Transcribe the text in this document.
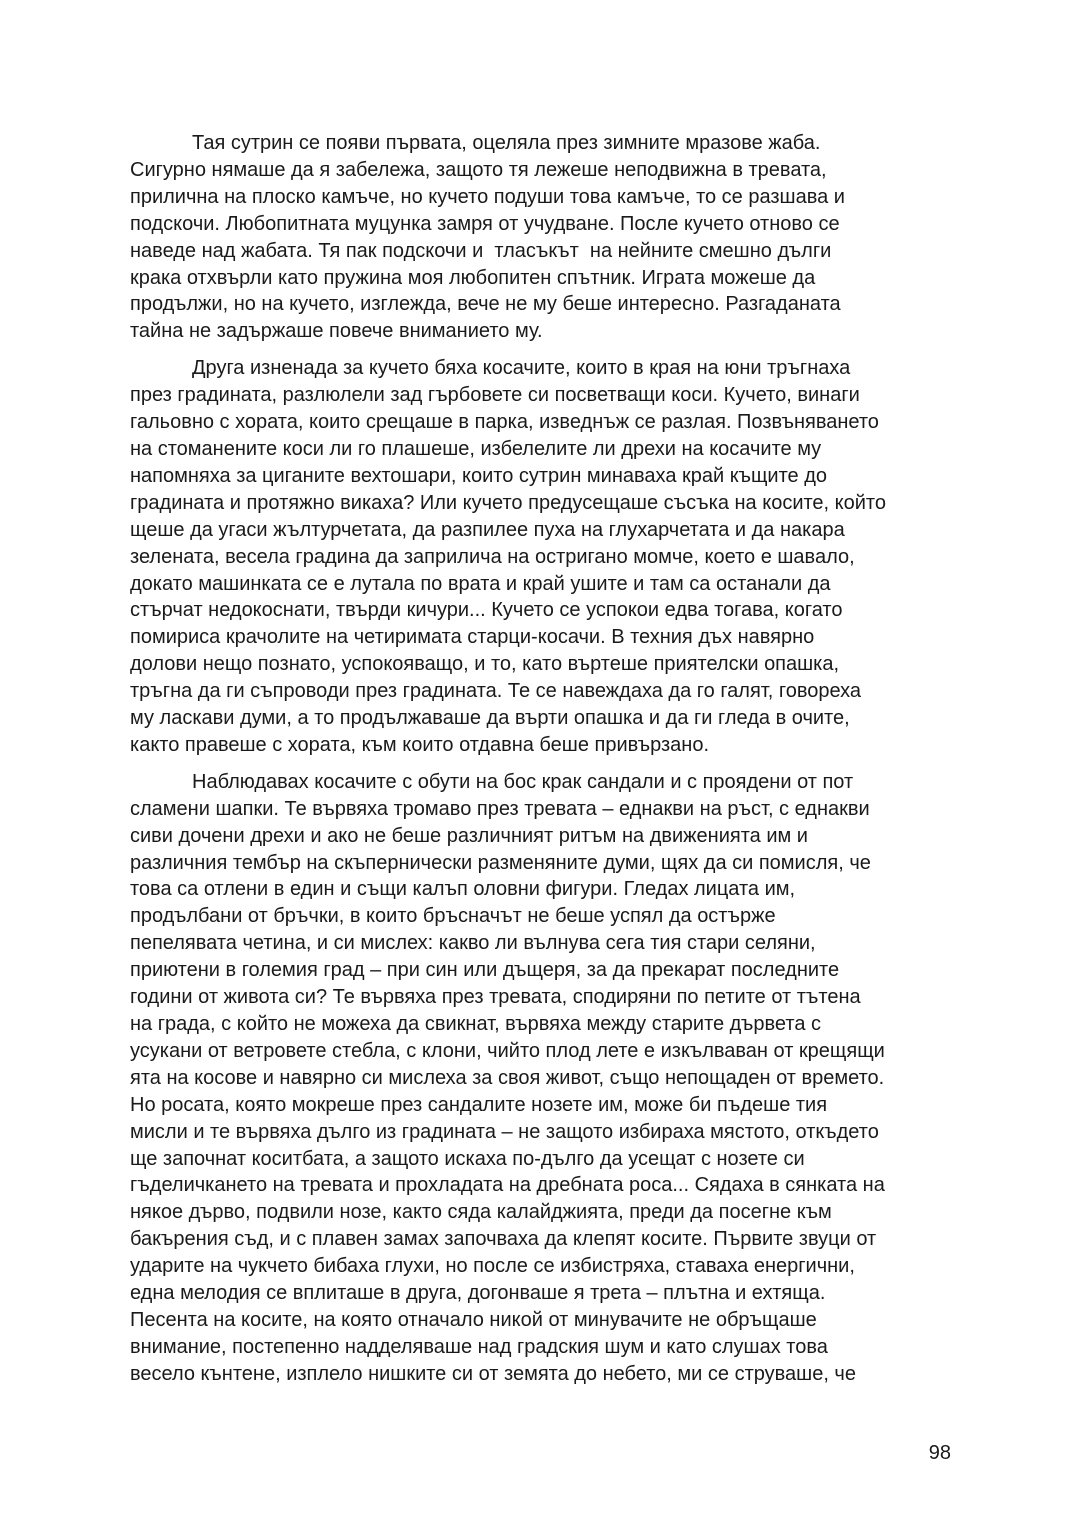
Тая сутрин се появи първата, оцеляла през зимните мразове жаба.
Сигурно нямаше да я забележа, защото тя лежеше неподвижна в тревата,
прилична на плоско камъче, но кучето подуши това камъче, то се разшава и
подскочи. Любопитната муцунка замря от учудване. После кучето отново се
наведе над жабата. Тя пак подскочи и  тласъкът  на нейните смешно дълги
крака отхвърли като пружина моя любопитен спътник. Играта можеше да
продължи, но на кучето, изглежда, вече не му беше интересно. Разгаданата
тайна не задържаше повече вниманието му.
Друга изненада за кучето бяха косачите, които в края на юни тръгнаха
през градината, разлюлели зад гърбовете си посветващи коси. Кучето, винаги
гальовно с хората, които срещаше в парка, изведнъж се разлая. Позвъняването
на стоманените коси ли го плашеше, избелелите ли дрехи на косачите му
напомняха за циганите вехтошари, които сутрин минаваха край къщите до
градината и протяжно викаха? Или кучето предусещаше съсъка на косите, който
щеше да угаси жълтурчетата, да разпилее пуха на глухарчетата и да накара
зелената, весела градина да заприлича на остригано момче, което е шавало,
докато машинката се е лутала по врата и край ушите и там са останали да
стърчат недокоснати, твърди кичури... Кучето се успокои едва тогава, когато
помириса крачолите на четиримата старци-косачи. В техния дъх навярно
долови нещо познато, успокояващо, и то, като въртеше приятелски опашка,
тръгна да ги съпроводи през градината. Те се навеждаха да го галят, говореха
му ласкави думи, а то продължаваше да върти опашка и да ги гледа в очите,
както правеше с хората, към които отдавна беше привързано.
Наблюдавах косачите с обути на бос крак сандали и с проядени от пот
сламени шапки. Те вървяха тромаво през тревата – еднакви на ръст, с еднакви
сиви дочени дрехи и ако не беше различният ритъм на движенията им и
различния тембър на скъпернически разменяните думи, щях да си помисля, че
това са отлени в един и същи калъп оловни фигури. Гледах лицата им,
продълбани от бръчки, в които бръсначът не беше успял да остърже
пепелявата четина, и си мислех: какво ли вълнува сега тия стари селяни,
приютени в големия град – при син или дъщеря, за да прекарат последните
години от живота си? Те вървяха през тревата, сподиряни по петите от тътена
на града, с който не можеха да свикнат, вървяха между старите дървета с
усукани от ветровете стебла, с клони, чийто плод лете е изкълваван от крещящи
ята на косове и навярно си мислеха за своя живот, също непощаден от времето.
Но росата, която мокреше през сандалите нозете им, може би пъдеше тия
мисли и те вървяха дълго из градината – не защото избираха мястото, откъдето
ще започнат коситбата, а защото искаха по-дълго да усещат с нозете си
гъделичкането на тревата и прохладата на дребната роса... Сядаха в сянката на
някое дърво, подвили нозе, както сяда калайджията, преди да посегне към
бакърения съд, и с плавен замах започваха да клепят косите. Първите звуци от
ударите на чукчето бибаха глухи, но после се избистряха, ставаха енергични,
една мелодия се вплиташе в друга, догонваше я трета – плътна и ехтяща.
Песента на косите, на която отначало никой от минувачите не обръщаше
внимание, постепенно надделяваше над градския шум и като слушах това
весело кънтене, изплело нишките си от земята до небето, ми се струваше, че
98
